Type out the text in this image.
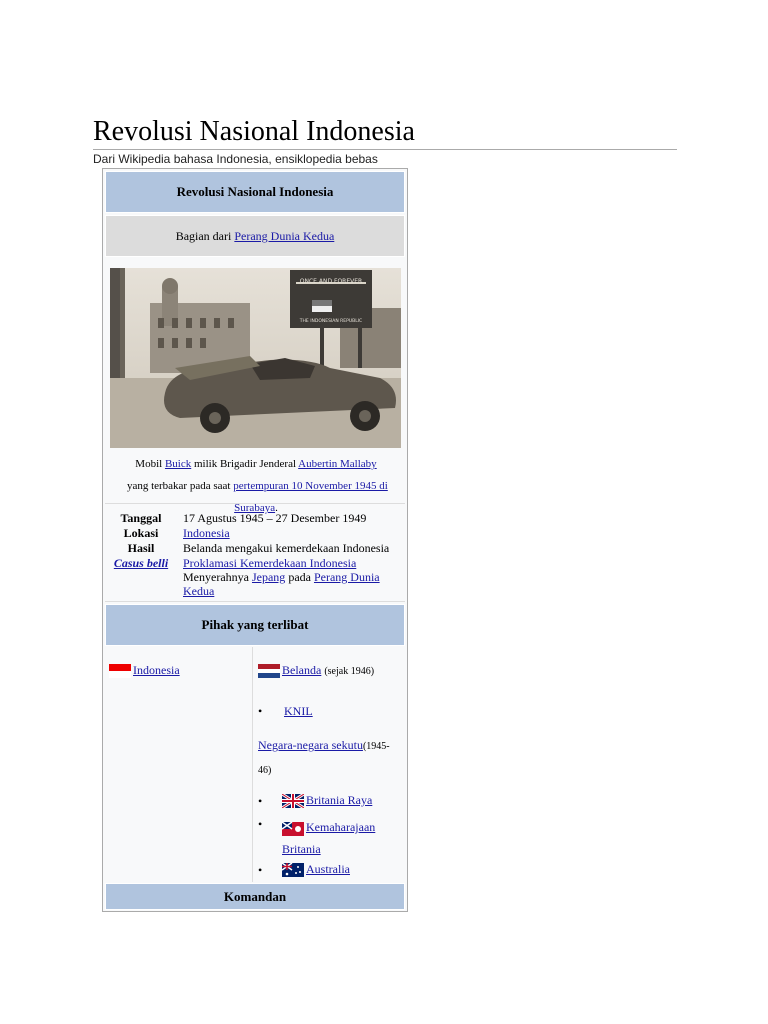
Revolusi Nasional Indonesia
Dari Wikipedia bahasa Indonesia, ensiklopedia bebas
Revolusi Nasional Indonesia
Bagian dari Perang Dunia Kedua
ONCE AND FOREVER
THE INDONESIAN REPUBLIC
Mobil Buick milik Brigadir Jenderal Aubertin Mallaby yang terbakar pada saat pertempuran 10 November 1945 di Surabaya.
Tanggal	17 Agustus 1945 – 27 Desember 1949
Lokasi	Indonesia
Hasil	Belanda mengakui kemerdekaan Indonesia
Casus belli	Proklamasi Kemerdekaan Indonesia
Menyerahnya Jepang pada Perang Dunia
Kedua
Pihak yang terlibat
Indonesia	Belanda (sejak 1946)
• KNIL
Negara-negara sekutu(1945-
46)
•	Britania Raya
•	Kemaharajaan
Britania
•	Australia
Komandan
